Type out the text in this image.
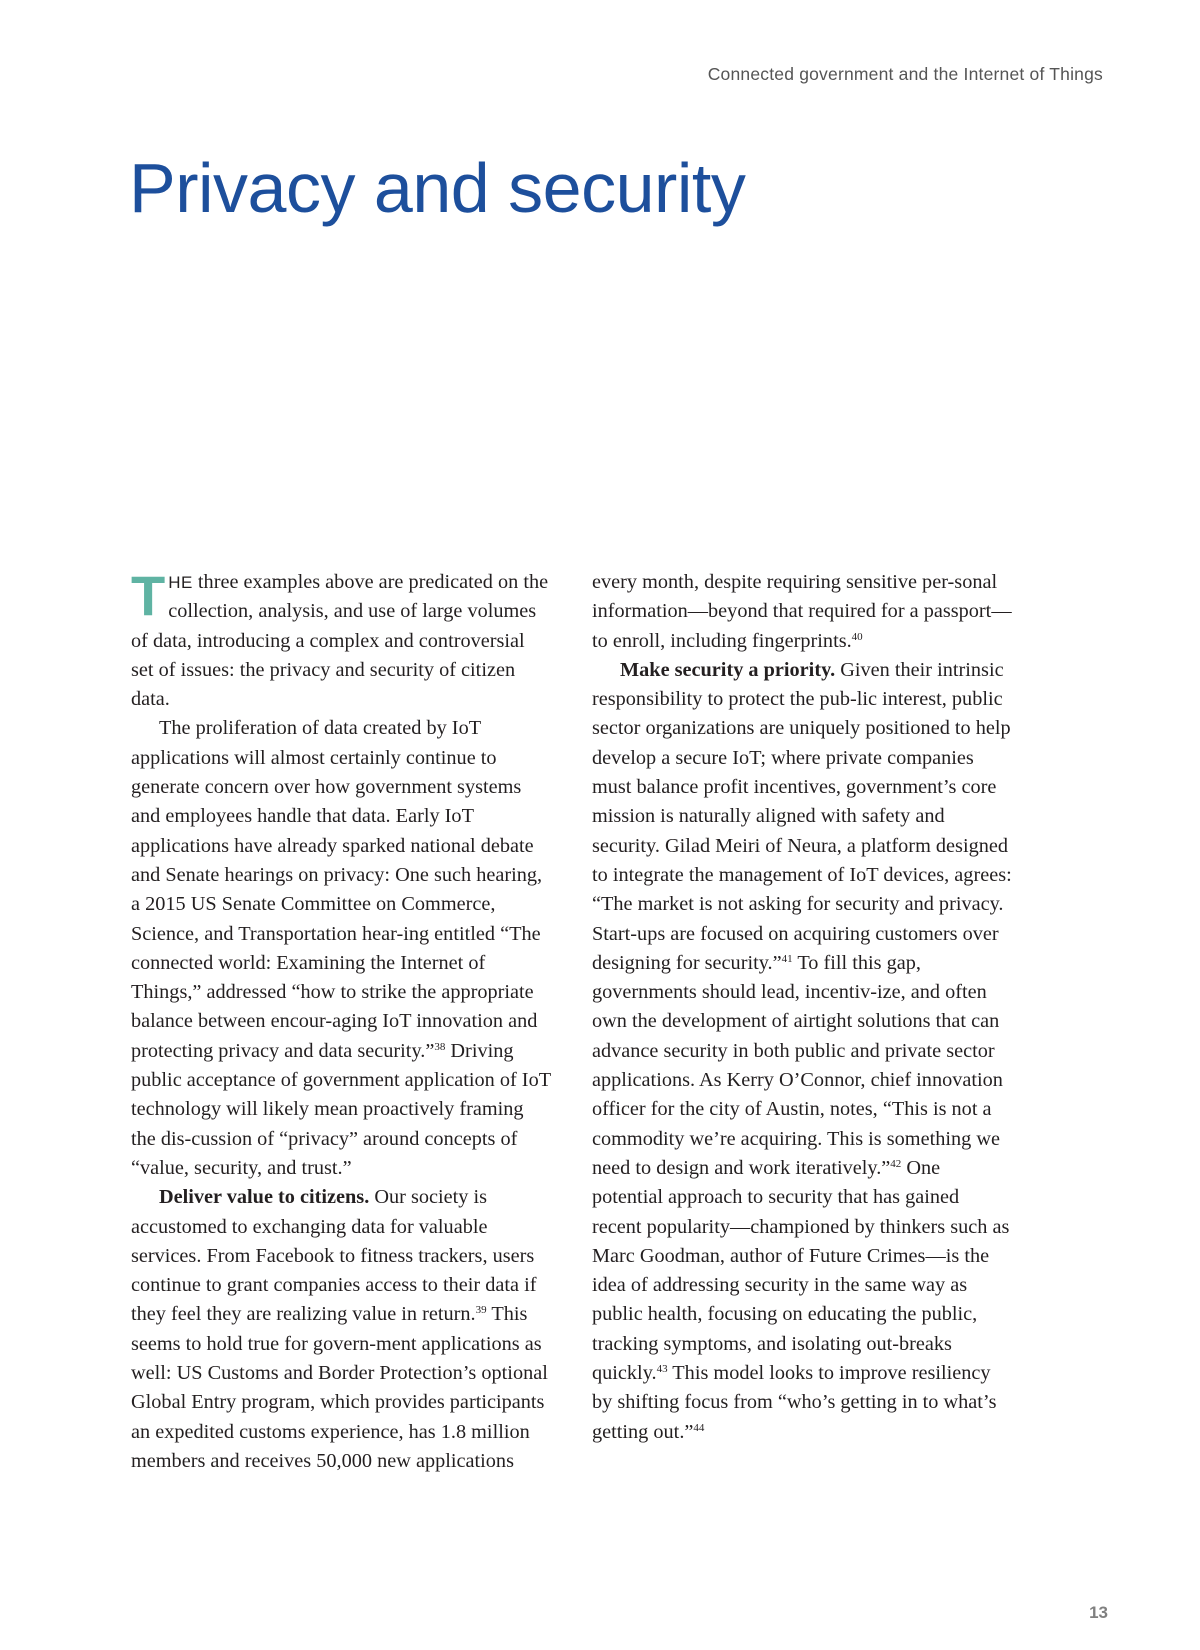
Connected government and the Internet of Things
Privacy and security

THE three examples above are predicated on the collection, analysis, and use of large volumes of data, introducing a complex and controversial set of issues: the privacy and security of citizen data.

The proliferation of data created by IoT applications will almost certainly continue to generate concern over how government systems and employees handle that data. Early IoT applications have already sparked national debate and Senate hearings on privacy: One such hearing, a 2015 US Senate Committee on Commerce, Science, and Transportation hear-ing entitled “The connected world: Examining the Internet of Things,” addressed “how to strike the appropriate balance between encour-aging IoT innovation and protecting privacy and data security.”$^{38}$ Driving public acceptance of government application of IoT technology will likely mean proactively framing the dis-cussion of “privacy” around concepts of “value, security, and trust.”

Deliver value to citizens. Our society is accustomed to exchanging data for valuable services. From Facebook to fitness trackers, users continue to grant companies access to their data if they feel they are realizing value in return.$^{39}$ This seems to hold true for govern-ment applications as well: US Customs and Border Protection’s optional Global Entry program, which provides participants an expedited customs experience, has 1.8 million members and receives 50,000 new applications

every month, despite requiring sensitive per-sonal information—beyond that required for a passport—to enroll, including fingerprints.$^{40}$

Make security a priority. Given their intrinsic responsibility to protect the pub-lic interest, public sector organizations are uniquely positioned to help develop a secure IoT; where private companies must balance profit incentives, government’s core mission is naturally aligned with safety and security. Gilad Meiri of Neura, a platform designed to integrate the management of IoT devices, agrees: “The market is not asking for security and privacy. Start-ups are focused on acquiring customers over designing for security.”$^{41}$ To fill this gap, governments should lead, incentiv-ize, and often own the development of airtight solutions that can advance security in both public and private sector applications. As Kerry O’Connor, chief innovation officer for the city of Austin, notes, “This is not a commodity we’re acquiring. This is something we need to design and work iteratively.”$^{42}$ One potential approach to security that has gained recent popularity—championed by thinkers such as Marc Goodman, author of Future Crimes—is the idea of addressing security in the same way as public health, focusing on educating the public, tracking symptoms, and isolating out-breaks quickly.$^{43}$ This model looks to improve resiliency by shifting focus from “who’s getting in to what’s getting out.”$^{44}$

13
